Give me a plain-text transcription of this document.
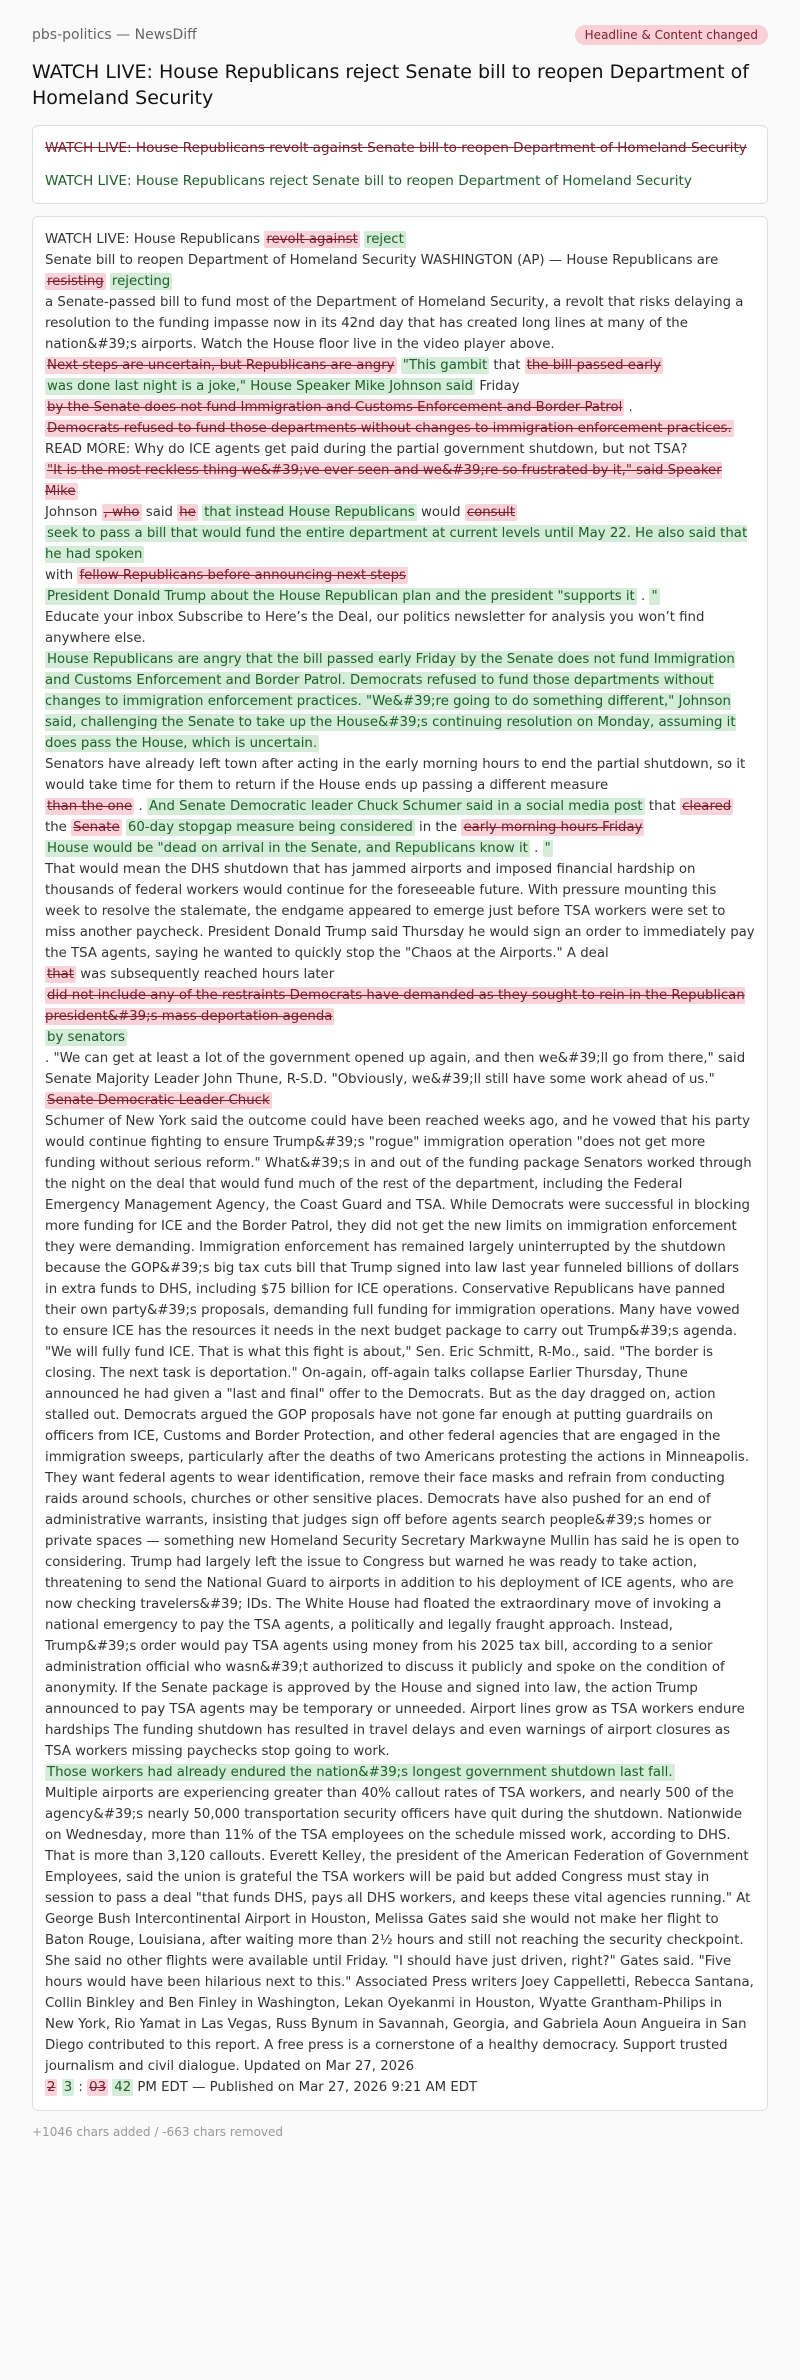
pbs-politics — NewsDiff	Headline & Content changed
WATCH LIVE: House Republicans reject Senate bill to reopen Department of Homeland Security
WATCH LIVE: House Republicans revolt against Senate bill to reopen Department of Homeland Security
WATCH LIVE: House Republicans reject Senate bill to reopen Department of Homeland Security
WATCH LIVE: House Republicans revolt against reject
Senate bill to reopen Department of Homeland Security WASHINGTON (AP) — House Republicans are resisting rejecting
a Senate-passed bill to fund most of the Department of Homeland Security, a revolt that risks delaying a resolution to the funding impasse now in its 42nd day that has created long lines at many of the nation&#39;s airports. Watch the House floor live in the video player above.
Next steps are uncertain, but Republicans are angry "This gambit that the bill passed early
was done last night is a joke," House Speaker Mike Johnson said Friday
by the Senate does not fund Immigration and Customs Enforcement and Border Patrol .
Democrats refused to fund those departments without changes to immigration enforcement practices.
READ MORE: Why do ICE agents get paid during the partial government shutdown, but not TSA?
"It is the most reckless thing we&#39;ve ever seen and we&#39;re so frustrated by it," said Speaker Mike
Johnson , who said he that instead House Republicans would consult
seek to pass a bill that would fund the entire department at current levels until May 22. He also said that he had spoken
with fellow Republicans before announcing next steps
President Donald Trump about the House Republican plan and the president "supports it . "
Educate your inbox Subscribe to Here’s the Deal, our politics newsletter for analysis you won’t find anywhere else.
House Republicans are angry that the bill passed early Friday by the Senate does not fund Immigration and Customs Enforcement and Border Patrol. Democrats refused to fund those departments without changes to immigration enforcement practices. "We&#39;re going to do something different," Johnson said, challenging the Senate to take up the House&#39;s continuing resolution on Monday, assuming it does pass the House, which is uncertain.
Senators have already left town after acting in the early morning hours to end the partial shutdown, so it would take time for them to return if the House ends up passing a different measure
than the one . And Senate Democratic leader Chuck Schumer said in a social media post that cleared the Senate 60-day stopgap measure being considered in the early morning hours Friday
House would be "dead on arrival in the Senate, and Republicans know it . "
That would mean the DHS shutdown that has jammed airports and imposed financial hardship on thousands of federal workers would continue for the foreseeable future. With pressure mounting this week to resolve the stalemate, the endgame appeared to emerge just before TSA workers were set to miss another paycheck. President Donald Trump said Thursday he would sign an order to immediately pay the TSA agents, saying he wanted to quickly stop the "Chaos at the Airports." A deal
that was subsequently reached hours later
did not include any of the restraints Democrats have demanded as they sought to rein in the Republican president&#39;s mass deportation agenda
by senators
. "We can get at least a lot of the government opened up again, and then we&#39;ll go from there," said Senate Majority Leader John Thune, R-S.D. "Obviously, we&#39;ll still have some work ahead of us."
Senate Democratic Leader Chuck
Schumer of New York said the outcome could have been reached weeks ago, and he vowed that his party would continue fighting to ensure Trump&#39;s "rogue" immigration operation "does not get more funding without serious reform." What&#39;s in and out of the funding package Senators worked through the night on the deal that would fund much of the rest of the department, including the Federal Emergency Management Agency, the Coast Guard and TSA. While Democrats were successful in blocking more funding for ICE and the Border Patrol, they did not get the new limits on immigration enforcement they were demanding. Immigration enforcement has remained largely uninterrupted by the shutdown because the GOP&#39;s big tax cuts bill that Trump signed into law last year funneled billions of dollars in extra funds to DHS, including $75 billion for ICE operations. Conservative Republicans have panned their own party&#39;s proposals, demanding full funding for immigration operations. Many have vowed to ensure ICE has the resources it needs in the next budget package to carry out Trump&#39;s agenda. "We will fully fund ICE. That is what this fight is about," Sen. Eric Schmitt, R-Mo., said. "The border is closing. The next task is deportation." On-again, off-again talks collapse Earlier Thursday, Thune announced he had given a "last and final" offer to the Democrats. But as the day dragged on, action stalled out. Democrats argued the GOP proposals have not gone far enough at putting guardrails on officers from ICE, Customs and Border Protection, and other federal agencies that are engaged in the immigration sweeps, particularly after the deaths of two Americans protesting the actions in Minneapolis. They want federal agents to wear identification, remove their face masks and refrain from conducting raids around schools, churches or other sensitive places. Democrats have also pushed for an end of administrative warrants, insisting that judges sign off before agents search people&#39;s homes or private spaces — something new Homeland Security Secretary Markwayne Mullin has said he is open to considering. Trump had largely left the issue to Congress but warned he was ready to take action, threatening to send the National Guard to airports in addition to his deployment of ICE agents, who are now checking travelers&#39; IDs. The White House had floated the extraordinary move of invoking a national emergency to pay the TSA agents, a politically and legally fraught approach. Instead, Trump&#39;s order would pay TSA agents using money from his 2025 tax bill, according to a senior administration official who wasn&#39;t authorized to discuss it publicly and spoke on the condition of anonymity. If the Senate package is approved by the House and signed into law, the action Trump announced to pay TSA agents may be temporary or unneeded. Airport lines grow as TSA workers endure hardships The funding shutdown has resulted in travel delays and even warnings of airport closures as TSA workers missing paychecks stop going to work.
Those workers had already endured the nation&#39;s longest government shutdown last fall.
Multiple airports are experiencing greater than 40% callout rates of TSA workers, and nearly 500 of the agency&#39;s nearly 50,000 transportation security officers have quit during the shutdown. Nationwide on Wednesday, more than 11% of the TSA employees on the schedule missed work, according to DHS. That is more than 3,120 callouts. Everett Kelley, the president of the American Federation of Government Employees, said the union is grateful the TSA workers will be paid but added Congress must stay in session to pass a deal "that funds DHS, pays all DHS workers, and keeps these vital agencies running." At George Bush Intercontinental Airport in Houston, Melissa Gates said she would not make her flight to Baton Rouge, Louisiana, after waiting more than 2½ hours and still not reaching the security checkpoint. She said no other flights were available until Friday. "I should have just driven, right?" Gates said. "Five hours would have been hilarious next to this." Associated Press writers Joey Cappelletti, Rebecca Santana, Collin Binkley and Ben Finley in Washington, Lekan Oyekanmi in Houston, Wyatte Grantham-Philips in New York, Rio Yamat in Las Vegas, Russ Bynum in Savannah, Georgia, and Gabriela Aoun Angueira in San Diego contributed to this report. A free press is a cornerstone of a healthy democracy. Support trusted journalism and civil dialogue. Updated on Mar 27, 2026
2 3 : 03 42 PM EDT — Published on Mar 27, 2026 9:21 AM EDT
+1046 chars added / -663 chars removed
